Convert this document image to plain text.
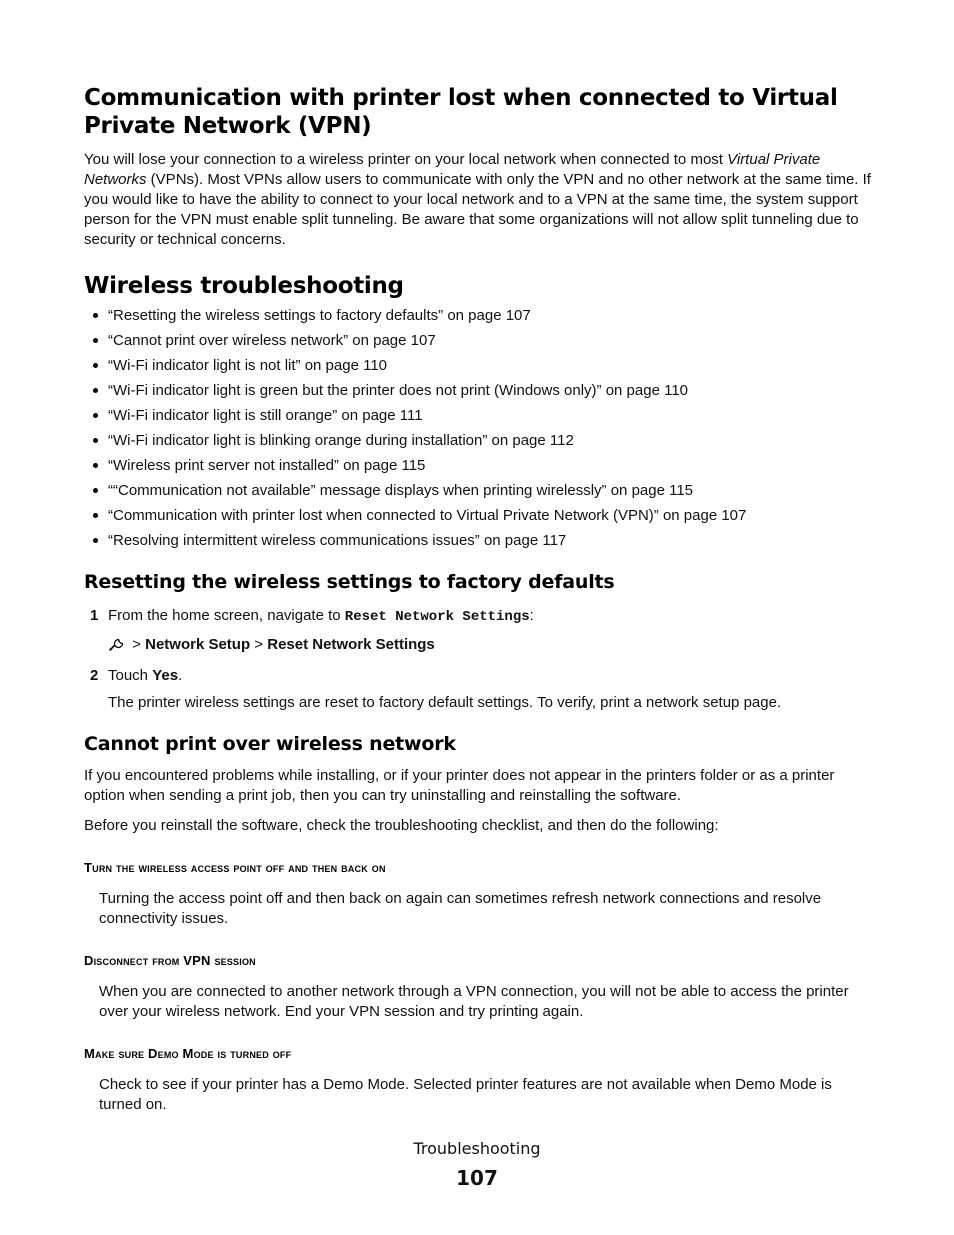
Communication with printer lost when connected to Virtual Private Network (VPN)

You will lose your connection to a wireless printer on your local network when connected to most Virtual Private Networks (VPNs). Most VPNs allow users to communicate with only the VPN and no other network at the same time. If you would like to have the ability to connect to your local network and to a VPN at the same time, the system support person for the VPN must enable split tunneling. Be aware that some organizations will not allow split tunneling due to security or technical concerns.

Wireless troubleshooting
“Resetting the wireless settings to factory defaults” on page 107
“Cannot print over wireless network” on page 107
“Wi‑Fi indicator light is not lit” on page 110
“Wi‑Fi indicator light is green but the printer does not print (Windows only)” on page 110
“Wi‑Fi indicator light is still orange” on page 111
“Wi‑Fi indicator light is blinking orange during installation” on page 112
“Wireless print server not installed” on page 115
““Communication not available” message displays when printing wirelessly” on page 115
“Communication with printer lost when connected to Virtual Private Network (VPN)” on page 107
“Resolving intermittent wireless communications issues” on page 117
Resetting the wireless settings to factory defaults
1 From the home screen, navigate to Reset Network Settings:
> Network Setup > Reset Network Settings
2 Touch Yes.

The printer wireless settings are reset to factory default settings. To verify, print a network setup page.

Cannot print over wireless network

If you encountered problems while installing, or if your printer does not appear in the printers folder or as a printer option when sending a print job, then you can try uninstalling and reinstalling the software.

Before you reinstall the software, check the troubleshooting checklist, and then do the following:

Turn the wireless access point off and then back on

Turning the access point off and then back on again can sometimes refresh network connections and resolve connectivity issues.

Disconnect from VPN session

When you are connected to another network through a VPN connection, you will not be able to access the printer over your wireless network. End your VPN session and try printing again.

Make sure Demo Mode is turned off

Check to see if your printer has a Demo Mode. Selected printer features are not available when Demo Mode is turned on.

Troubleshooting
107
